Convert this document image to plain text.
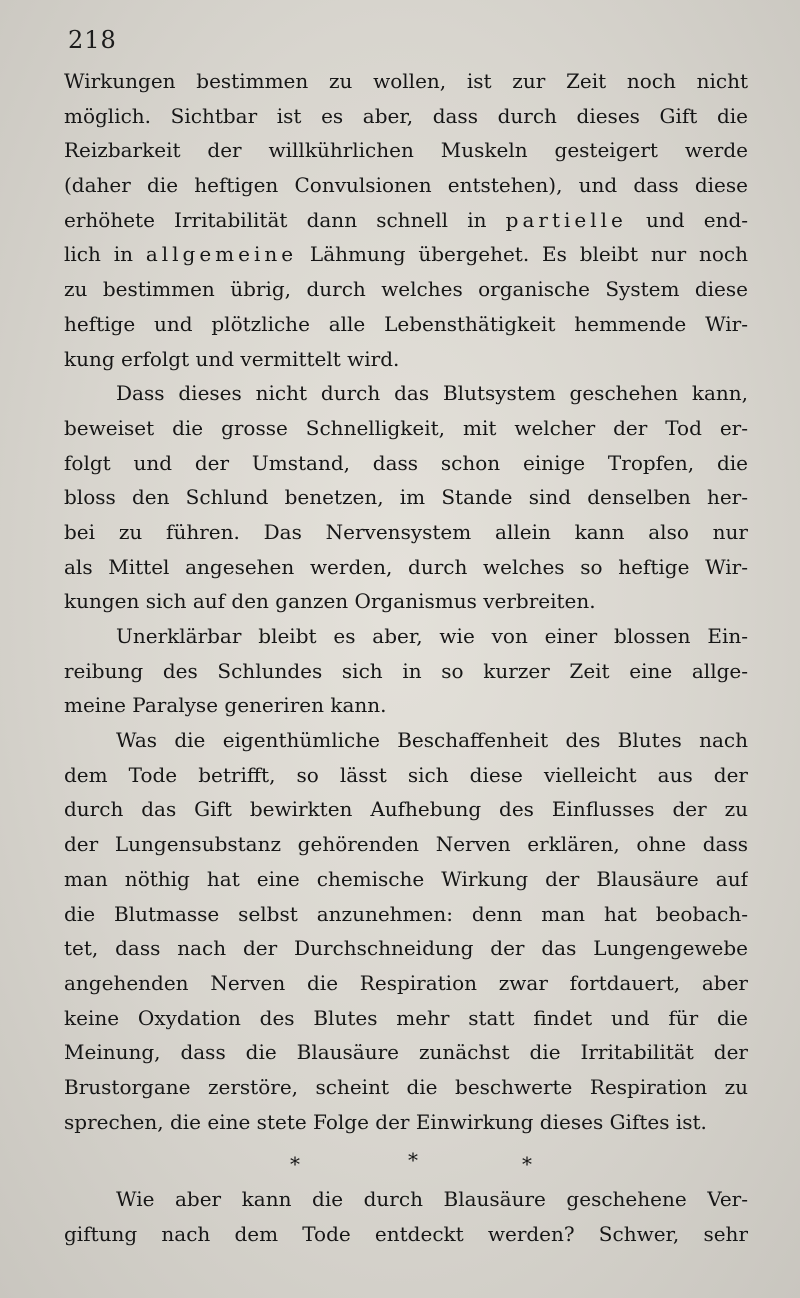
218
Wirkungen bestimmen zu wollen, ist zur Zeit noch nicht
möglich. Sichtbar ist es aber, dass durch dieses Gift die
Reizbarkeit der willkührlichen Muskeln gesteigert werde
(daher die heftigen Convulsionen entstehen), und dass diese
erhöhete Irritabilität dann schnell in partielle und end-
lich in allgemeine Lähmung übergehet. Es bleibt nur noch
zu bestimmen übrig, durch welches organische System diese
heftige und plötzliche alle Lebensthätigkeit hemmende Wir-
kung erfolgt und vermittelt wird.
Dass dieses nicht durch das Blutsystem geschehen kann,
beweiset die grosse Schnelligkeit, mit welcher der Tod er-
folgt und der Umstand, dass schon einige Tropfen, die
bloss den Schlund benetzen, im Stande sind denselben her-
bei zu führen. Das Nervensystem allein kann also nur
als Mittel angesehen werden, durch welches so heftige Wir-
kungen sich auf den ganzen Organismus verbreiten.
Unerklärbar bleibt es aber, wie von einer blossen Ein-
reibung des Schlundes sich in so kurzer Zeit eine allge-
meine Paralyse generiren kann.
Was die eigenthümliche Beschaffenheit des Blutes nach
dem Tode betrifft, so lässt sich diese vielleicht aus der
durch das Gift bewirkten Aufhebung des Einflusses der zu
der Lungensubstanz gehörenden Nerven erklären, ohne dass
man nöthig hat eine chemische Wirkung der Blausäure auf
die Blutmasse selbst anzunehmen: denn man hat beobach-
tet, dass nach der Durchschneidung der das Lungengewebe
angehenden Nerven die Respiration zwar fortdauert, aber
keine Oxydation des Blutes mehr statt findet und für die
Meinung, dass die Blausäure zunächst die Irritabilität der
Brustorgane zerstöre, scheint die beschwerte Respiration zu
sprechen, die eine stete Folge der Einwirkung dieses Giftes ist.
*	*	*
Wie aber kann die durch Blausäure geschehene Ver-
giftung nach dem Tode entdeckt werden? Schwer, sehr
